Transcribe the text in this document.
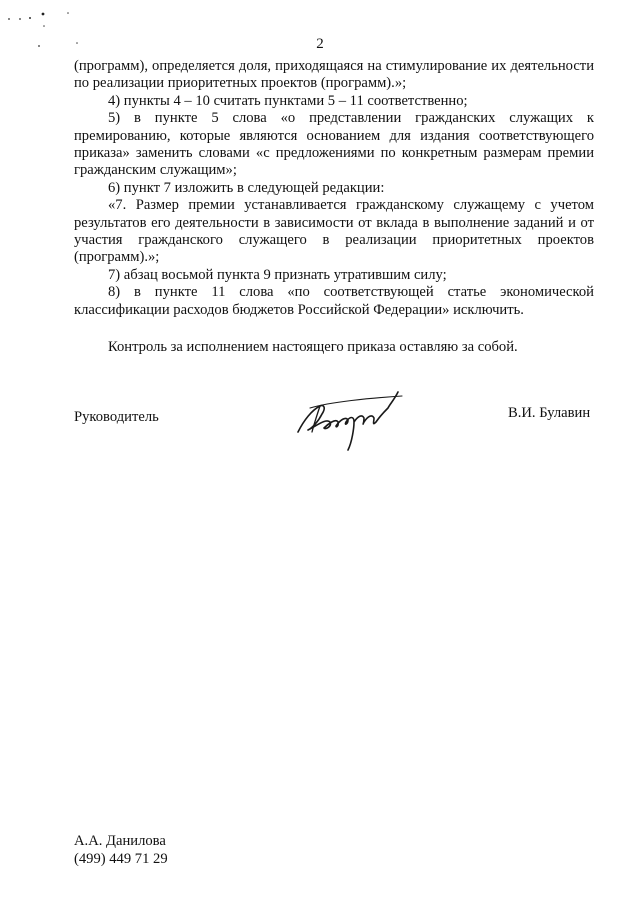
2

(программ), определяется доля, приходящаяся на стимулирование их деятельности по реализации приоритетных проектов (программ).»;

4) пункты 4 – 10 считать пунктами 5 – 11 соответственно;

5) в пункте 5 слова «о представлении гражданских служащих к премированию, которые являются основанием для издания соответствующего приказа» заменить словами «с предложениями по конкретным размерам премии гражданским служащим»;

6) пункт 7 изложить в следующей редакции:

«7. Размер премии устанавливается гражданскому служащему с учетом результатов его деятельности в зависимости от вклада в выполнение заданий и от участия гражданского служащего в реализации приоритетных проектов (программ).»;

7) абзац восьмой пункта 9 признать утратившим силу;

8) в пункте 11 слова «по соответствующей статье экономической классификации расходов бюджетов Российской Федерации» исключить.

Контроль за исполнением настоящего приказа оставляю за собой.
Руководитель	В.И. Булавин
А.А. Данилова
(499) 449 71 29
